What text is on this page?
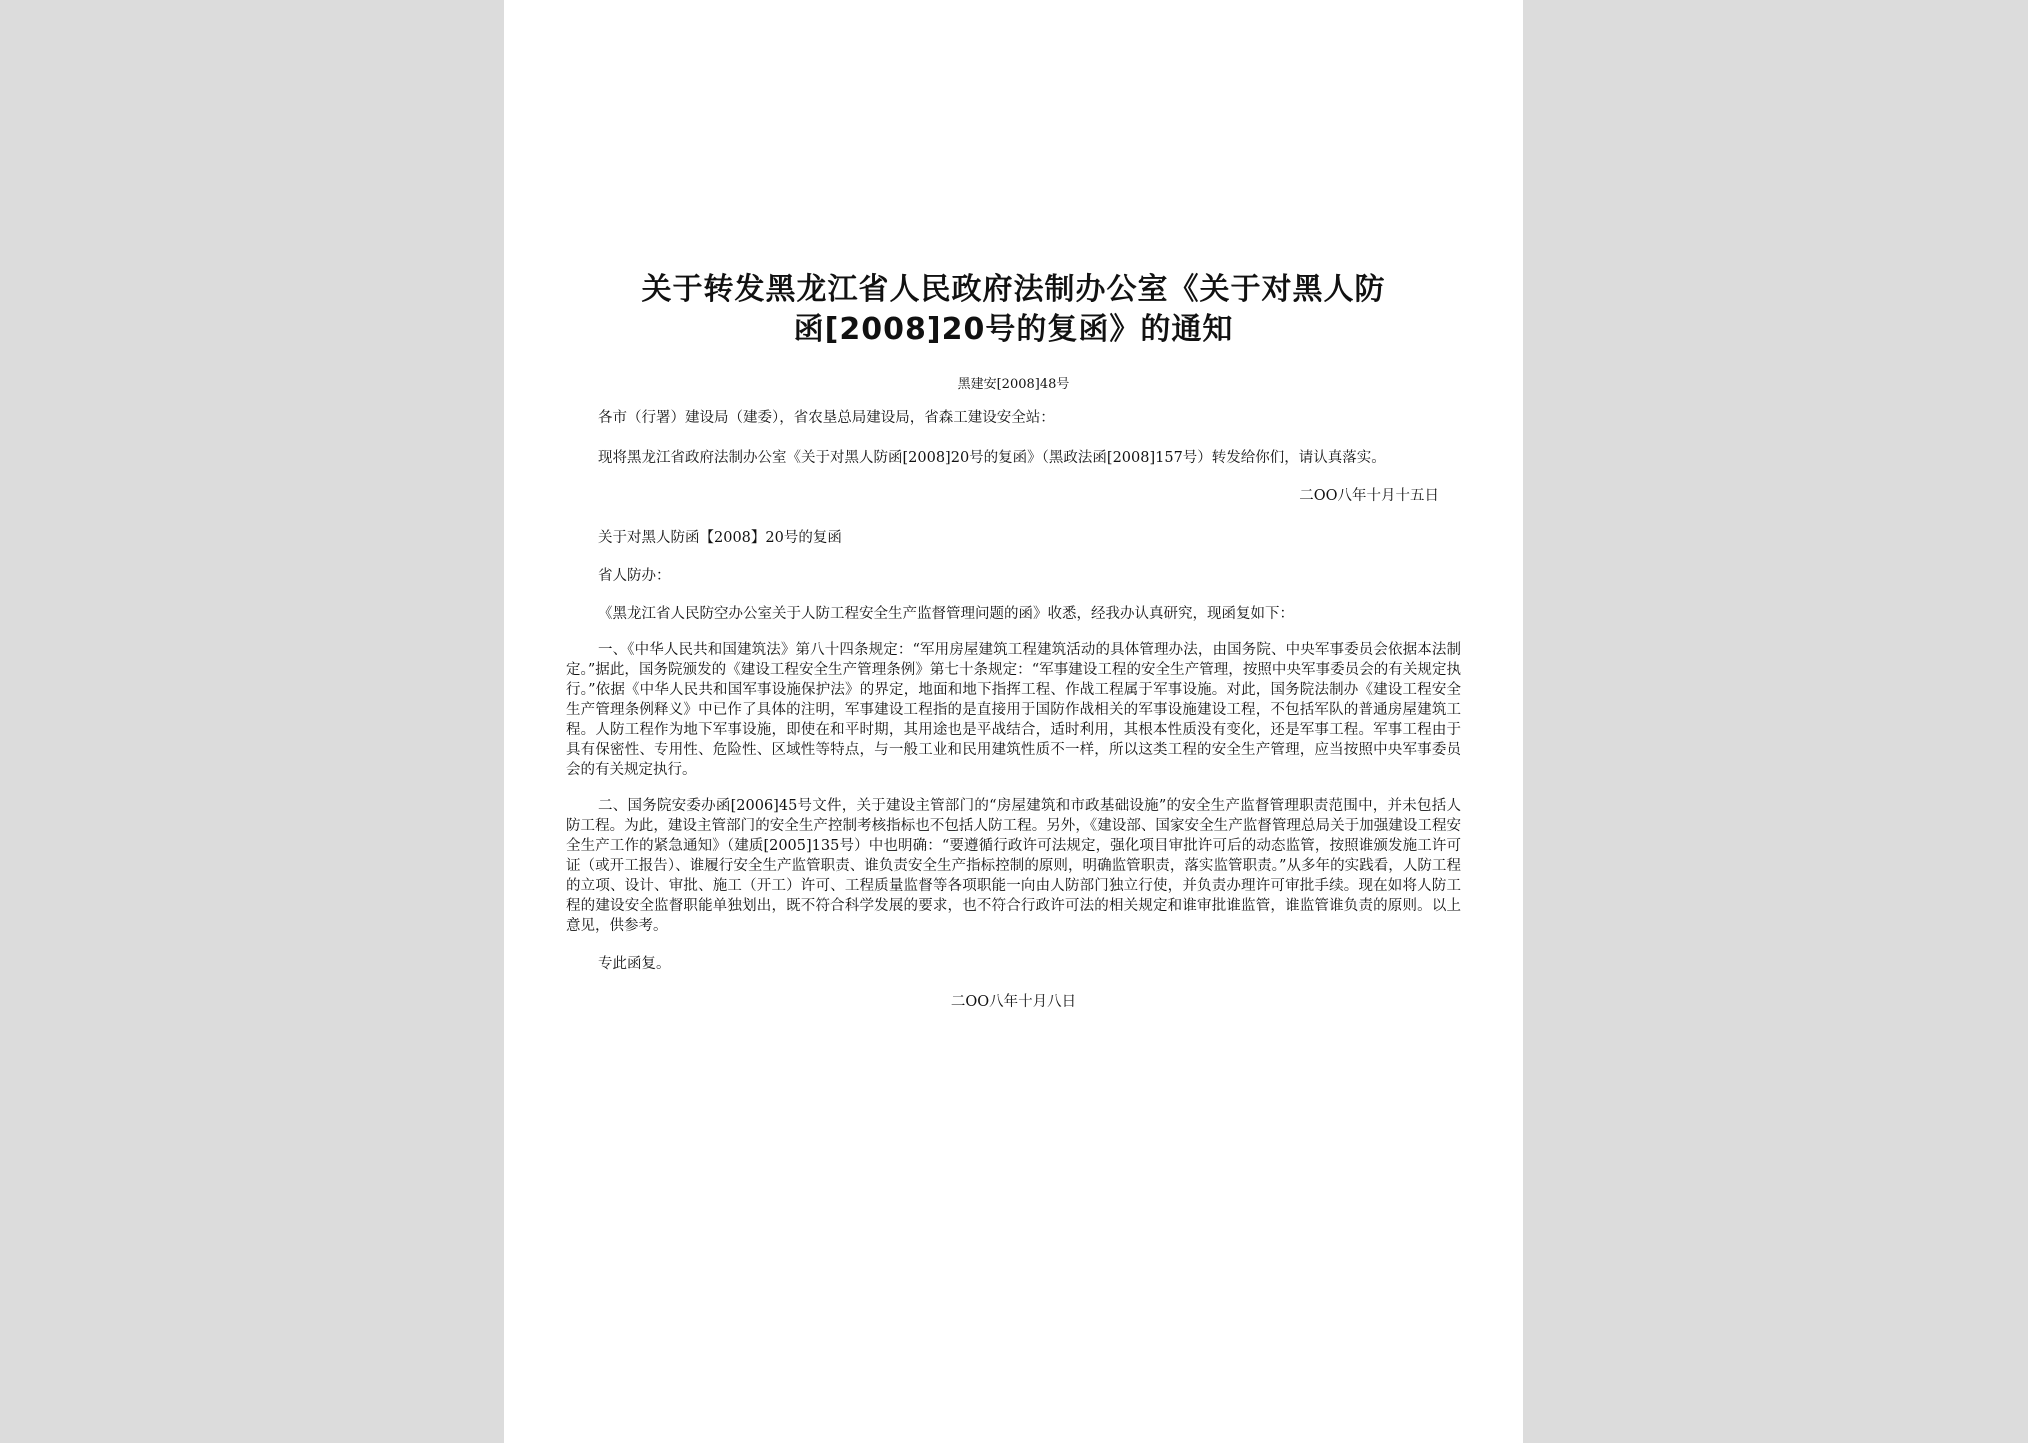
关于转发黑龙江省人民政府法制办公室《关于对黑人防
函[2008]20号的复函》的通知
黑建安[2008]48号

各市（行署）建设局（建委），省农垦总局建设局，省森工建设安全站：

现将黑龙江省政府法制办公室《关于对黑人防函[2008]20号的复函》（黑政法函[2008]157号）转发给你们，请认真落实。

二OO八年十月十五日

关于对黑人防函【2008】20号的复函

省人防办：

《黑龙江省人民防空办公室关于人防工程安全生产监督管理问题的函》收悉，经我办认真研究，现函复如下：

一、《中华人民共和国建筑法》第八十四条规定：“军用房屋建筑工程建筑活动的具体管理办法，由国务院、中央军事委员会依据本法制定。”据此，国务院颁发的《建设工程安全生产管理条例》第七十条规定：“军事建设工程的安全生产管理，按照中央军事委员会的有关规定执行。”依据《中华人民共和国军事设施保护法》的界定，地面和地下指挥工程、作战工程属于军事设施。对此，国务院法制办《建设工程安全生产管理条例释义》中已作了具体的注明，军事建设工程指的是直接用于国防作战相关的军事设施建设工程，不包括军队的普通房屋建筑工程。人防工程作为地下军事设施，即使在和平时期，其用途也是平战结合，适时利用，其根本性质没有变化，还是军事工程。军事工程由于具有保密性、专用性、危险性、区域性等特点，与一般工业和民用建筑性质不一样，所以这类工程的安全生产管理，应当按照中央军事委员会的有关规定执行。

二、国务院安委办函[2006]45号文件，关于建设主管部门的“房屋建筑和市政基础设施”的安全生产监督管理职责范围中，并未包括人防工程。为此，建设主管部门的安全生产控制考核指标也不包括人防工程。另外，《建设部、国家安全生产监督管理总局关于加强建设工程安全生产工作的紧急通知》（建质[2005]135号）中也明确：“要遵循行政许可法规定，强化项目审批许可后的动态监管，按照谁颁发施工许可证（或开工报告）、谁履行安全生产监管职责、谁负责安全生产指标控制的原则，明确监管职责，落实监管职责。”从多年的实践看，人防工程的立项、设计、审批、施工（开工）许可、工程质量监督等各项职能一向由人防部门独立行使，并负责办理许可审批手续。现在如将人防工程的建设安全监督职能单独划出，既不符合科学发展的要求，也不符合行政许可法的相关规定和谁审批谁监管，谁监管谁负责的原则。以上意见，供参考。

专此函复。

二OO八年十月八日
